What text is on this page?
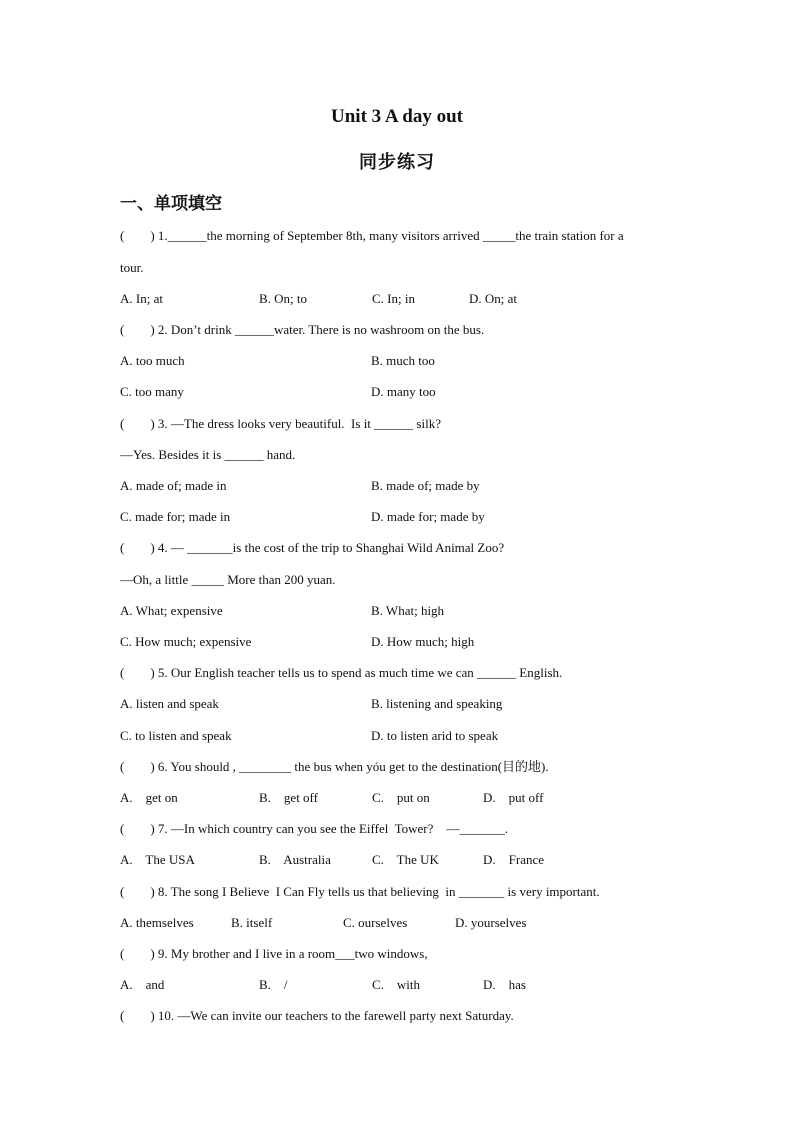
Unit 3 A day out
同步练习
一、单项填空
(        ) 1.______the morning of September 8th, many visitors arrived _____the train station for a
tour.
A. In; at	B. On; to	C. In; in	D. On; at
(        ) 2. Don’t drink ______water. There is no washroom on the bus.
A. too much	B. much too
C. too many	D. many too
(        ) 3. —The dress looks very beautiful.  Is it ______ silk?
—Yes. Besides it is ______ hand.
A. made of; made in	B. made of; made by
C. made for; made in	D. made for; made by
(        ) 4. — _______is the cost of the trip to Shanghai Wild Animal Zoo?
—Oh, a little _____ More than 200 yuan.
A. What; expensive	B. What; high
C. How much; expensive	D. How much; high
(        ) 5. Our English teacher tells us to spend as much time we can ______ English.
A. listen and speak	B. listening and speaking
C. to listen and speak	D. to listen arid to speak
(        ) 6. You should , ________ the bus when yóu get to the destination(目的地).
A.    get on	B.    get off	C.    put on	D.    put off
(        ) 7. —In which country can you see the Eiffel  Tower?    —_______.
A.    The USA	B.    Australia	C.    The UK	D.    France
(        ) 8. The song I Believe  I Can Fly tells us that believing  in _______ is very important.
A. themselves	B. itself	C. ourselves	D. yourselves
(        ) 9. My brother and I live in a room___two windows,
A.    and	B.    /	C.    with	D.    has
(        ) 10. —We can invite our teachers to the farewell party next Saturday.
